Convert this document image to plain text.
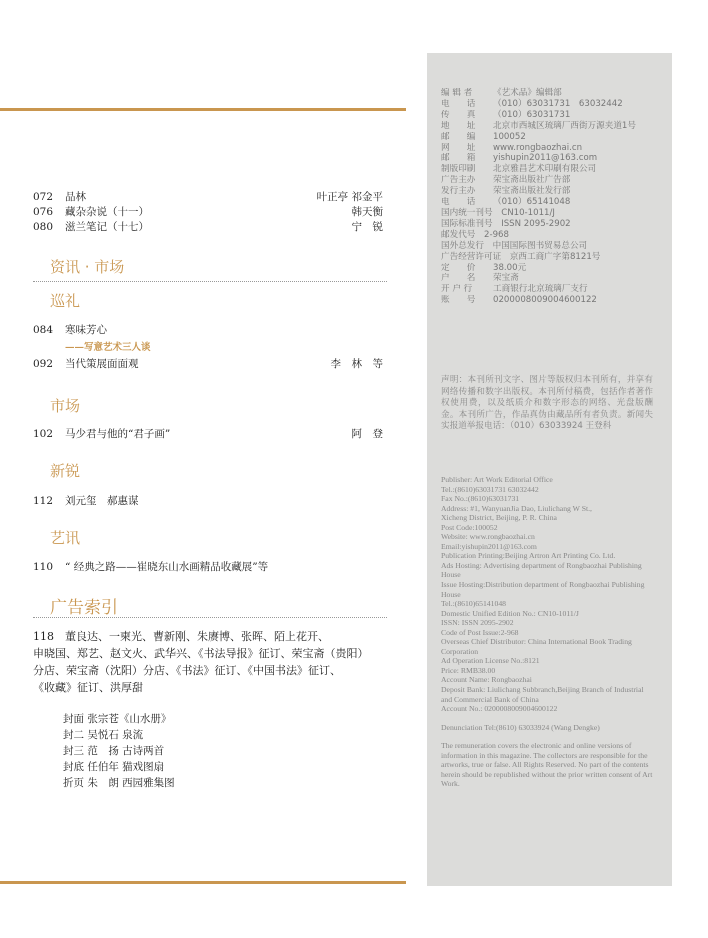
072 品林	叶正亭 祁金平
076 藏杂杂说（十一）	韩天衡
080 滋兰笔记（十七）	宁　锐
资讯 · 市场
巡礼
084 寒味芳心
——写意艺术三人谈
092 当代策展面面观	李　林　等
市场
102 马少君与他的“君子画”	阿　登
新锐
112 刘元玺　郝惠谋
艺讯
110 “ 经典之路——崔晓东山水画精品收藏展”等
广告索引
118　董良达、一柬光、曹新刚、朱赓博、张晖、陌上花开、
申晓国、郑艺、赵文火、武华兴、《书法导报》征订、荣宝斋（贵阳）
分店、荣宝斋（沈阳）分店、《书法》征订、《中国书法》征订、
《收藏》征订、洪厚甜
封面 张宗苍《山水册》
封二 吴悦石 泉流
封三 范　扬 古诗两首
封底 任伯年 猫戏图扇
折页 朱　朗 西园雅集图
编 辑 者 《艺术品》编辑部
电　　话 （010）63031731　63032442
传　　真 （010）63031731
地　　址 北京市西城区琉璃厂西街万源夹道1号
邮　　编 100052
网　　址 www.rongbaozhai.cn
邮　　箱 yishupin2011@163.com
制版印刷 北京雅昌艺术印刷有限公司
广告主办 荣宝斋出版社广告部
发行主办 荣宝斋出版社发行部
电　　话 （010）65141048
国内统一刊号　 CN10-1011/J
国际标准刊号　 ISSN 2095-2902
邮发代号　 2-968
国外总发行　 中国国际图书贸易总公司
广告经营许可证　 京西工商广字第8121号
定　　价 38.00元
户　　名 荣宝斋
开 户 行 工商银行北京琉璃厂支行
账　　号 0200008009004600122
声明：本刊所刊文字、图片等版权归本刊所有，并享有网络传播和数字出版权。本刊所付稿费，包括作者著作权使用费，以及纸质介和数字形态的网络、光盘版酬金。本刊所广告，作品真伪由藏品所有者负责。新闻失实报道举报电话：（010）63033924 王登科
Publisher: Art Work Editorial Office
Tel.:(8610)63031731 63032442
Fax No.:(8610)63031731
Address: #1, WanyuanJia Dao, Liulichang W St.,
Xicheng District, Beijing, P. R. China
Post Code:100052
Website: www.rongbaozhai.cn
Email:yishupin2011@163.com
Publication Printing:Beijing Artron Art Printing Co. Ltd.
Ads Hosting: Advertising department of Rongbaozhai Publishing House
Issue Hosting:Distribution department of Rongbaozhai Publishing House
Tel.:(8610)65141048
Domestic Unified Edition No.: CN10-1011/J
ISSN: ISSN 2095-2902
Code of Post Issue:2-968
Overseas Chief Distributor: China International Book Trading Corporation
Ad Operation License No.:8121
Price: RMB38.00
Account Name: Rongbaozhai
Deposit Bank: Liulichang Subbranch,Beijing Branch of Industrial and Commercial Bank of China
Account No.: 0200008009004600122
Denunciation Tel:(8610) 63033924 (Wang Dengke)
The remuneration covers the electronic and online versions of information in this magazine. The collectors are responsible for the artworks, true or false. All Rights Reserved. No part of the contents herein should be republished without the prior written consent of Art Work.
